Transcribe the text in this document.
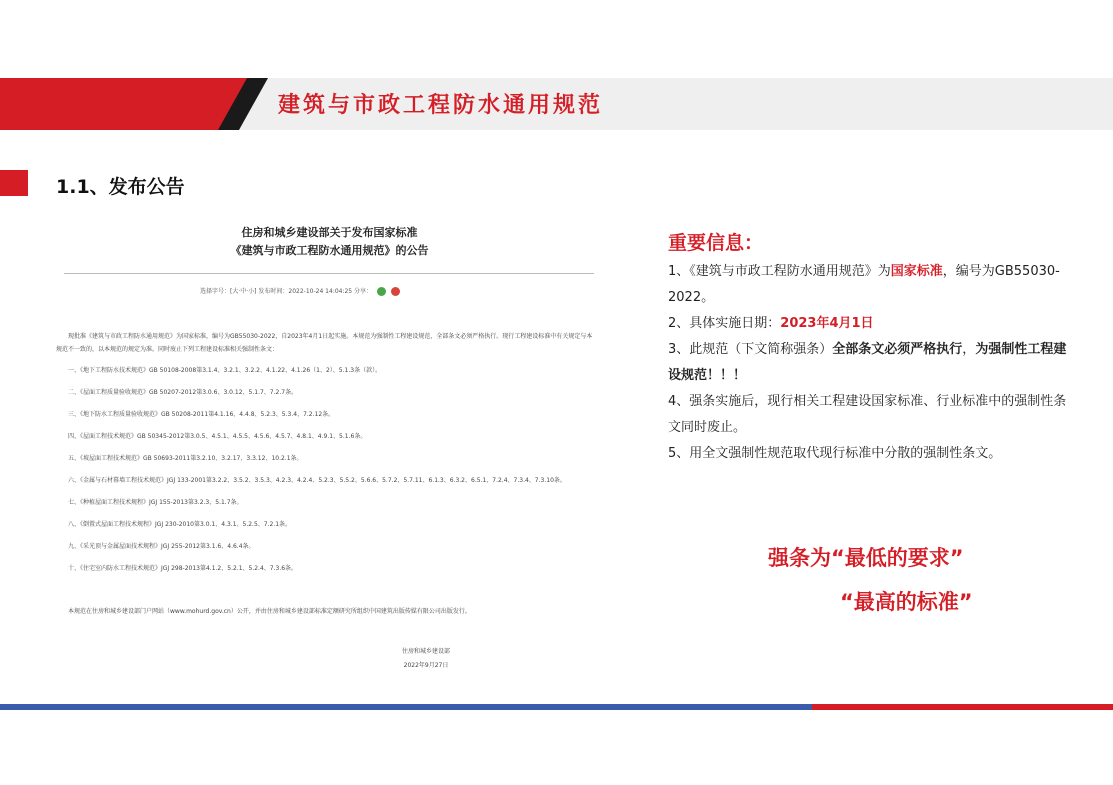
建筑与市政工程防水通用规范
1.1、发布公告
住房和城乡建设部关于发布国家标准
《建筑与市政工程防水通用规范》的公告
选择字号：[大·中·小] 发布时间：2022-10-24 14:04:25 分享：
现批准《建筑与市政工程防水通用规范》为国家标准，编号为GB55030-2022，自2023年4月1日起实施。本规范为强制性工程建设规范，全部条文必须严格执行。现行工程建设标准中有关规定与本规范不一致的，以本规范的规定为准。同时废止下列工程建设标准相关强制性条文：
一、《地下工程防水技术规范》GB 50108-2008第3.1.4、3.2.1、3.2.2、4.1.22、4.1.26（1、2）、5.1.3条（款）。
二、《屋面工程质量验收规范》GB 50207-2012第3.0.6、3.0.12、5.1.7、7.2.7条。
三、《地下防水工程质量验收规范》GB 50208-2011第4.1.16、4.4.8、5.2.3、5.3.4、7.2.12条。
四、《屋面工程技术规范》GB 50345-2012第3.0.5、4.5.1、4.5.5、4.5.6、4.5.7、4.8.1、4.9.1、5.1.6条。
五、《坡屋面工程技术规范》GB 50693-2011第3.2.10、3.2.17、3.3.12、10.2.1条。
六、《金属与石材幕墙工程技术规范》JGJ 133-2001第3.2.2、3.5.2、3.5.3、4.2.3、4.2.4、5.2.3、5.5.2、5.6.6、5.7.2、5.7.11、6.1.3、6.3.2、6.5.1、7.2.4、7.3.4、7.3.10条。
七、《种植屋面工程技术规程》JGJ 155-2013第3.2.3、5.1.7条。
八、《倒置式屋面工程技术规程》JGJ 230-2010第3.0.1、4.3.1、5.2.5、7.2.1条。
九、《采光顶与金属屋面技术规程》JGJ 255-2012第3.1.6、4.6.4条。
十、《住宅室内防水工程技术规范》JGJ 298-2013第4.1.2、5.2.1、5.2.4、7.3.6条。
本规范在住房和城乡建设部门户网站（www.mohurd.gov.cn）公开，并由住房和城乡建设部标准定额研究所组织中国建筑出版传媒有限公司出版发行。
住房和城乡建设部
2022年9月27日
重要信息：
1、《建筑与市政工程防水通用规范》为国家标准，编号为GB55030-2022。
2、具体实施日期：2023年4月1日
3、此规范（下文简称强条）全部条文必须严格执行，为强制性工程建设规范！！！
4、强条实施后，现行相关工程建设国家标准、行业标准中的强制性条文同时废止。
5、用全文强制性规范取代现行标准中分散的强制性条文。
强条为“最低的要求”
“最高的标准”
